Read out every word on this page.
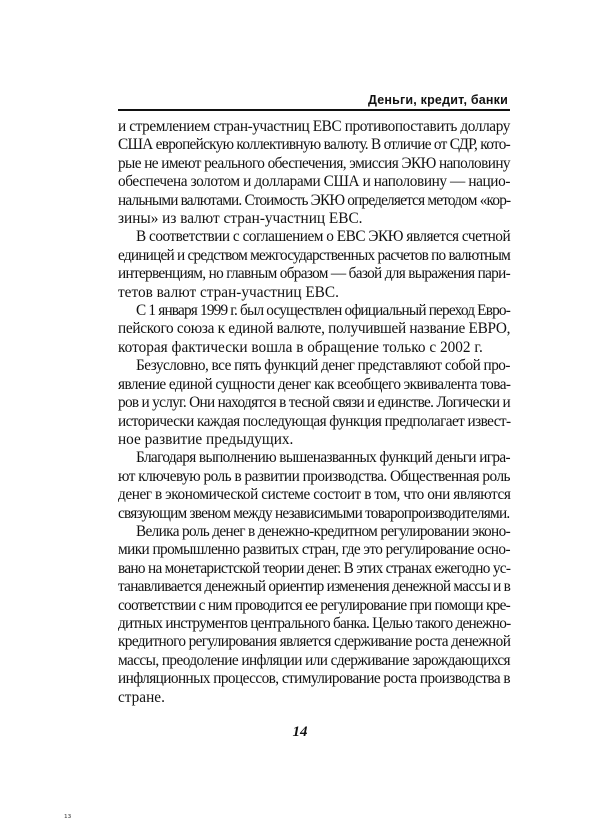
Деньги, кредит, банки

и стремлением стран-участниц ЕВС противопоставить доллару
США европейскую коллективную валюту. В отличие от СДР, кото-
рые не имеют реального обеспечения, эмиссия ЭКЮ наполовину
обеспечена золотом и долларами США и наполовину — нацио-
нальными валютами. Стоимость ЭКЮ определяется методом «кор-
зины» из валют стран-участниц ЕВС.

В соответствии с соглашением о ЕВС ЭКЮ является счетной
единицей и средством межгосударственных расчетов по валютным
интервенциям, но главным образом — базой для выражения пари-
тетов валют стран-участниц ЕВС.

С 1 января 1999 г. был осуществлен официальный переход Евро-
пейского союза к единой валюте, получившей название ЕВРО,
которая фактически вошла в обращение только с 2002 г.

Безусловно, все пять функций денег представляют собой про-
явление единой сущности денег как всеобщего эквивалента това-
ров и услуг. Они находятся в тесной связи и единстве. Логически и
исторически каждая последующая функция предполагает извест-
ное развитие предыдущих.

Благодаря выполнению вышеназванных функций деньги игра-
ют ключевую роль в развитии производства. Общественная роль
денег в экономической системе состоит в том, что они являются
связующим звеном между независимыми товаропроизводителями.

Велика роль денег в денежно-кредитном регулировании эконо-
мики промышленно развитых стран, где это регулирование осно-
вано на монетаристской теории денег. В этих странах ежегодно ус-
танавливается денежный ориентир изменения денежной массы и в
соответствии с ним проводится ее регулирование при помощи кре-
дитных инструментов центрального банка. Целью такого денежно-
кредитного регулирования является сдерживание роста денежной
массы, преодоление инфляции или сдерживание зарождающихся
инфляционных процессов, стимулирование роста производства в
стране.

14
¹³
